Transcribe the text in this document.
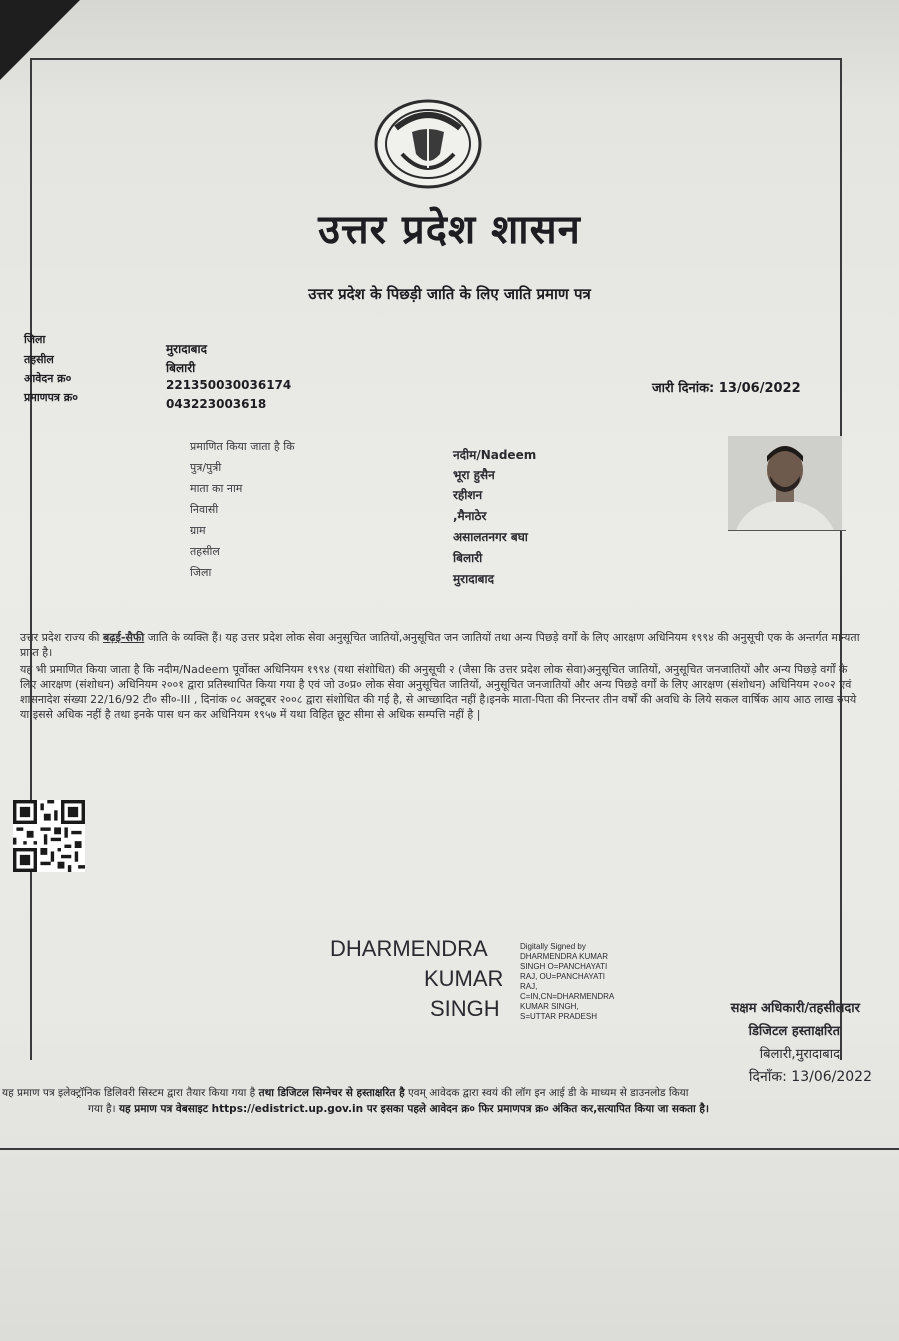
उत्तर प्रदेश शासन
उत्तर प्रदेश के पिछड़ी जाति के लिए जाति प्रमाण पत्र
जिला
तहसील
आवेदन क्र०
प्रमाणपत्र क्र०
मुरादाबाद
बिलारी
221350030036174
043223003618
जारी दिनांक: 13/06/2022
प्रमाणित किया जाता है कि
पुत्र/पुत्री
माता का नाम
निवासी
ग्राम
तहसील
जिला
नदीम/Nadeem
भूरा हुसैन
रहीशन
,मैनाठेर
असालतनगर बघा
बिलारी
मुरादाबाद
उत्तर प्रदेश राज्य की बढ़ई-सैफी जाति के व्यक्ति हैं। यह उत्तर प्रदेश लोक सेवा अनुसूचित जातियों,अनुसूचित जन जातियों तथा अन्य पिछड़े वर्गों के लिए आरक्षण अधिनियम १९९४ की अनुसूची एक के अन्तर्गत मान्यता प्राप्त है।
यह भी प्रमाणित किया जाता है कि नदीम/Nadeem पूर्वोक्त अधिनियम १९९४ (यथा संशोधित) की अनुसूची २ (जैसा कि उत्तर प्रदेश लोक सेवा)अनुसूचित जातियों, अनुसूचित जनजातियों और अन्य पिछड़े वर्गों के लिए आरक्षण (संशोधन) अधिनियम २००१ द्वारा प्रतिस्थापित किया गया है एवं जो उ०प्र० लोक सेवा अनुसूचित जातियों, अनुसूचित जनजातियों और अन्य पिछड़े वर्गों के लिए आरक्षण (संशोधन) अधिनियम २००२ एवं शासनादेश संख्या 22/16/92 टी० सी०-III , दिनांक ०८ अक्टूबर २००८ द्वारा संशोधित की गई है, से आच्छादित नहीं है।इनके माता-पिता की निरन्तर तीन वर्षों की अवधि के लिये सकल वार्षिक आय आठ लाख रुपये या इससे अधिक नहीं है तथा इनके पास धन कर अधिनियम १९५७ में यथा विहित छूट सीमा से अधिक सम्पत्ति नहीं है |
DHARMENDRA
KUMAR
SINGH
Digitally Signed by
DHARMENDRA KUMAR
SINGH O=PANCHAYATI
RAJ, OU=PANCHAYATI
RAJ,
C=IN,CN=DHARMENDRA
KUMAR SINGH,
S=UTTAR PRADESH
सक्षम अधिकारी/तहसीलदार
डिजिटल हस्ताक्षरित
बिलारी,मुरादाबाद
दिनाँक: 13/06/2022
यह प्रमाण पत्र इलेक्ट्रॉनिक डिलिवरी सिस्टम द्वारा तैयार किया गया है तथा डिजिटल सिग्नेचर से हस्ताक्षरित है एवम् आवेदक द्वारा स्वयं की लॉग इन आई डी के माध्यम से डाउनलोड किया
गया है। यह प्रमाण पत्र वेबसाइट https://edistrict.up.gov.in पर इसका पहले आवेदन क्र० फिर प्रमाणपत्र क्र० अंकित कर,सत्यापित किया जा सकता है।
